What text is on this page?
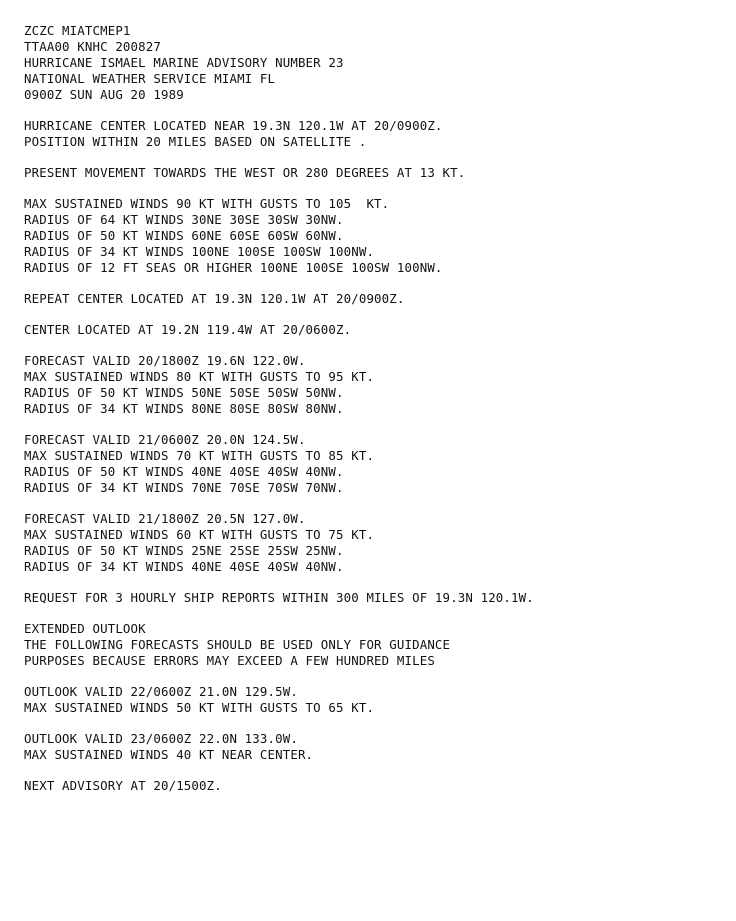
ZCZC MIATCMEP1
TTAA00 KNHC 200827
HURRICANE ISMAEL MARINE ADVISORY NUMBER 23
NATIONAL WEATHER SERVICE MIAMI FL
0900Z SUN AUG 20 1989
HURRICANE CENTER LOCATED NEAR 19.3N 120.1W AT 20/0900Z.
POSITION WITHIN 20 MILES BASED ON SATELLITE .
PRESENT MOVEMENT TOWARDS THE WEST OR 280 DEGREES AT 13 KT.
MAX SUSTAINED WINDS 90 KT WITH GUSTS TO 105  KT.
RADIUS OF 64 KT WINDS 30NE 30SE 30SW 30NW.
RADIUS OF 50 KT WINDS 60NE 60SE 60SW 60NW.
RADIUS OF 34 KT WINDS 100NE 100SE 100SW 100NW.
RADIUS OF 12 FT SEAS OR HIGHER 100NE 100SE 100SW 100NW.
REPEAT CENTER LOCATED AT 19.3N 120.1W AT 20/0900Z.
CENTER LOCATED AT 19.2N 119.4W AT 20/0600Z.
FORECAST VALID 20/1800Z 19.6N 122.0W.
MAX SUSTAINED WINDS 80 KT WITH GUSTS TO 95 KT.
RADIUS OF 50 KT WINDS 50NE 50SE 50SW 50NW.
RADIUS OF 34 KT WINDS 80NE 80SE 80SW 80NW.
FORECAST VALID 21/0600Z 20.0N 124.5W.
MAX SUSTAINED WINDS 70 KT WITH GUSTS TO 85 KT.
RADIUS OF 50 KT WINDS 40NE 40SE 40SW 40NW.
RADIUS OF 34 KT WINDS 70NE 70SE 70SW 70NW.
FORECAST VALID 21/1800Z 20.5N 127.0W.
MAX SUSTAINED WINDS 60 KT WITH GUSTS TO 75 KT.
RADIUS OF 50 KT WINDS 25NE 25SE 25SW 25NW.
RADIUS OF 34 KT WINDS 40NE 40SE 40SW 40NW.
REQUEST FOR 3 HOURLY SHIP REPORTS WITHIN 300 MILES OF 19.3N 120.1W.
EXTENDED OUTLOOK
THE FOLLOWING FORECASTS SHOULD BE USED ONLY FOR GUIDANCE
PURPOSES BECAUSE ERRORS MAY EXCEED A FEW HUNDRED MILES
OUTLOOK VALID 22/0600Z 21.0N 129.5W.
MAX SUSTAINED WINDS 50 KT WITH GUSTS TO 65 KT.
OUTLOOK VALID 23/0600Z 22.0N 133.0W.
MAX SUSTAINED WINDS 40 KT NEAR CENTER.
NEXT ADVISORY AT 20/1500Z.
